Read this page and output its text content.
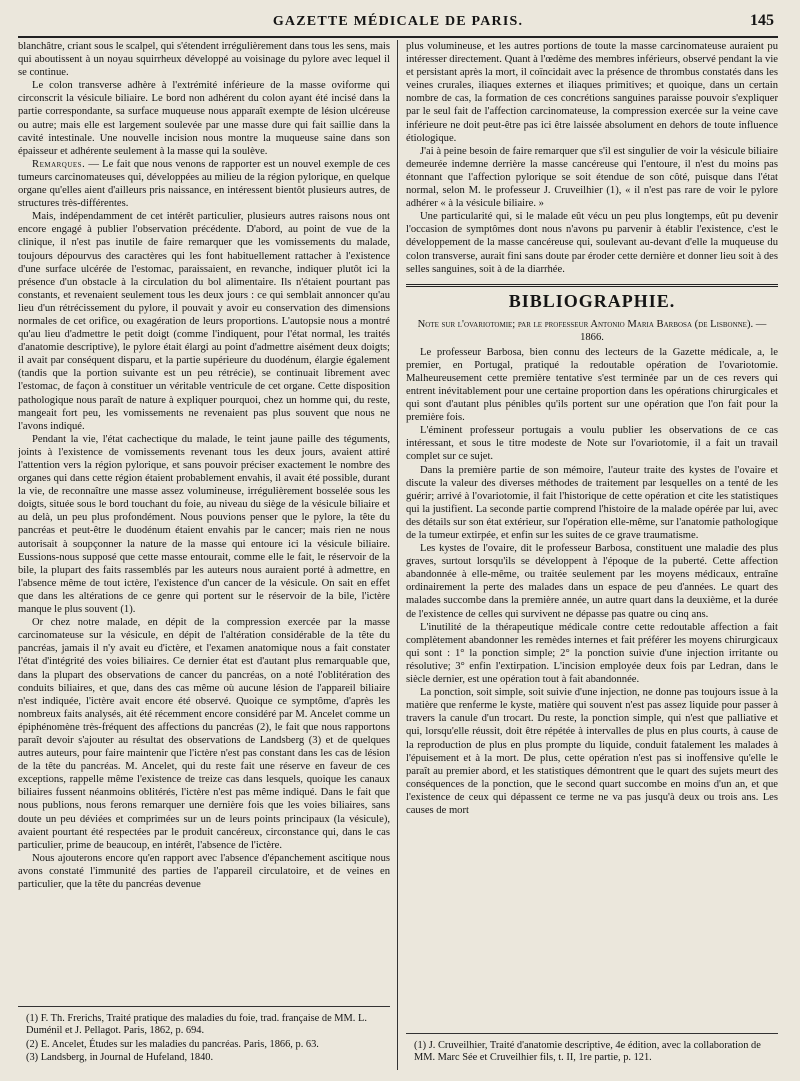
GAZETTE MÉDICALE DE PARIS.	145

blanchâtre, criant sous le scalpel, qui s'étendent irrégulièrement dans tous les sens, mais qui aboutissent à un noyau squirrheux développé au voisinage du pylore avec lequel il se continue.

Le colon transverse adhère à l'extrémité inférieure de la masse oviforme qui circonscrit la vésicule biliaire. Le bord non adhérent du colon ayant été incisé dans la partie correspondante, sa surface muqueuse nous apparaît exempte de lésion ulcéreuse ou autre; mais elle est largement soulevée par une masse dure qui fait saillie dans la cavité intestinale. Une nouvelle incision nous montre la muqueuse saine dans son épaisseur et adhérente seulement à la masse qui la soulève.

Remarques. — Le fait que nous venons de rapporter est un nouvel exemple de ces tumeurs carcinomateuses qui, développées au milieu de la région pylorique, en quelque organe qu'elles aient d'ailleurs pris naissance, en intéressent bientôt plusieurs autres, de structures très-différentes.

Mais, indépendamment de cet intérêt particulier, plusieurs autres raisons nous ont encore engagé à publier l'observation précédente. D'abord, au point de vue de la clinique, il n'est pas inutile de faire remarquer que les vomissements du malade, toujours dépourvus des caractères qui les font habituellement rattacher à l'existence d'une surface ulcérée de l'estomac, paraissaient, en revanche, indiquer plutôt ici la présence d'un obstacle à la circulation du bol alimentaire. Ils n'étaient pourtant pas constants, et revenaient seulement tous les deux jours : ce qui semblait annoncer qu'au lieu d'un rétrécissement du pylore, il pouvait y avoir eu conservation des dimensions normales de cet orifice, ou exagération de leurs proportions. L'autopsie nous a montré qu'au lieu d'admettre le petit doigt (comme l'indiquent, pour l'état normal, les traités d'anatomie descriptive), le pylore était élargi au point d'admettre aisément deux doigts; il avait par conséquent disparu, et la partie supérieure du duodénum, élargie également (tandis que la portion suivante est un peu rétrécie), se continuait librement avec l'estomac, de façon à constituer un véritable ventricule de cet organe. Cette disposition pathologique nous paraît de nature à expliquer pourquoi, chez un homme qui, du reste, mangeait fort peu, les vomissements ne revenaient pas plus souvent que nous ne l'avons indiqué.

Pendant la vie, l'état cachectique du malade, le teint jaune paille des téguments, joints à l'existence de vomissements revenant tous les deux jours, avaient attiré l'attention vers la région pylorique, et sans pouvoir préciser exactement le nombre des organes qui dans cette région étaient probablement envahis, il avait été possible, durant la vie, de reconnaître une masse assez volumineuse, irrégulièrement bosselée sous les doigts, située sous le bord touchant du foie, au niveau du siège de la vésicule biliaire et au delà, un peu plus profondément. Nous pouvions penser que le pylore, la tête du pancréas et peut-être le duodénum étaient envahis par le cancer; mais rien ne nous autorisait à soupçonner la nature de la masse qui entoure ici la vésicule biliaire. Eussions-nous supposé que cette masse entourait, comme elle le fait, le réservoir de la bile, la plupart des faits rassemblés par les auteurs nous auraient porté à admettre, en l'absence même de tout ictère, l'existence d'un cancer de la vésicule. On sait en effet que dans les altérations de ce genre qui portent sur le réservoir de la bile, l'ictère manque le plus souvent (1).

Or chez notre malade, en dépit de la compression exercée par la masse carcinomateuse sur la vésicule, en dépit de l'altération considérable de la tête du pancréas, jamais il n'y avait eu d'ictère, et l'examen anatomique nous a fait constater l'état d'intégrité des voies biliaires. Ce dernier état est d'autant plus remarquable que, dans la plupart des observations de cancer du pancréas, on a noté l'oblitération des conduits biliaires, et que, dans des cas même où aucune lésion de l'appareil biliaire n'est indiquée, l'ictère avait encore été observé. Quoique ce symptôme, d'après les nombreux faits analysés, ait été récemment encore considéré par M. Ancelet comme un épiphénomène très-fréquent des affections du pancréas (2), le fait que nous rapportons paraît devoir s'ajouter au résultat des observations de Landsberg (3) et de quelques autres auteurs, pour faire maintenir que l'ictère n'est pas constant dans les cas de lésion de la tête du pancréas. M. Ancelet, qui du reste fait une réserve en faveur de ces exceptions, rappelle même l'existence de treize cas dans lesquels, quoique les canaux biliaires fussent néanmoins oblitérés, l'ictère n'est pas même indiqué. Dans le fait que nous publions, nous ferons remarquer une dernière fois que les voies biliaires, sans doute un peu déviées et comprimées sur un de leurs points principaux (la vésicule), avaient pourtant été respectées par le produit cancéreux, circonstance qui, dans le cas particulier, prime de beaucoup, en intérêt, l'absence de l'ictère.

Nous ajouterons encore qu'en rapport avec l'absence d'épanchement ascitique nous avons constaté l'immunité des parties de l'appareil circulatoire, et de veines en particulier, que la tête du pancréas devenue

(1) F. Th. Frerichs, Traité pratique des maladies du foie, trad. française de MM. L. Duménil et J. Pellagot. Paris, 1862, p. 694.

(2) E. Ancelet, Études sur les maladies du pancréas. Paris, 1866, p. 63.

(3) Landsberg, in Journal de Hufeland, 1840.

plus volumineuse, et les autres portions de toute la masse carcinomateuse auraient pu intéresser directement. Quant à l'œdème des membres inférieurs, observé pendant la vie et persistant après la mort, il coïncidait avec la présence de thrombus constatés dans les veines crurales, iliaques externes et iliaques primitives; et quoique, dans un certain nombre de cas, la formation de ces concrétions sanguines paraisse pouvoir s'expliquer par le seul fait de l'affection carcinomateuse, la compression exercée sur la veine cave inférieure ne doit peut-être pas ici être laissée absolument en dehors de toute influence étiologique.

J'ai à peine besoin de faire remarquer que s'il est singulier de voir la vésicule biliaire demeurée indemne derrière la masse cancéreuse qui l'entoure, il n'est du moins pas étonnant que l'affection pylorique se soit étendue de son côté, puisque dans l'état normal, selon M. le professeur J. Cruveilhier (1), « il n'est pas rare de voir le pylore adhérer « à la vésicule biliaire. »

Une particularité qui, si le malade eût vécu un peu plus longtemps, eût pu devenir l'occasion de symptômes dont nous n'avons pu parvenir à établir l'existence, c'est le développement de la masse cancéreuse qui, soulevant au-devant d'elle la muqueuse du colon transverse, aurait fini sans doute par éroder cette dernière et donner lieu soit à des selles sanguines, soit à de la diarrhée.

BIBLIOGRAPHIE.
Note sur l'ovariotomie; par le professeur Antonio Maria Barbosa (de Lisbonne). — 1866.

Le professeur Barbosa, bien connu des lecteurs de la Gazette médicale, a, le premier, en Portugal, pratiqué la redoutable opération de l'ovariotomie. Malheureusement cette première tentative s'est terminée par un de ces revers qui entrent inévitablement pour une certaine proportion dans les opérations chirurgicales et qui sont d'autant plus pénibles qu'ils portent sur une opération que l'on fait pour la première fois.

L'éminent professeur portugais a voulu publier les observations de ce cas intéressant, et sous le titre modeste de Note sur l'ovariotomie, il a fait un travail complet sur ce sujet.

Dans la première partie de son mémoire, l'auteur traite des kystes de l'ovaire et discute la valeur des diverses méthodes de traitement par lesquelles on a tenté de les guérir; arrivé à l'ovariotomie, il fait l'historique de cette opération et cite les statistiques qui la justifient. La seconde partie comprend l'histoire de la malade opérée par lui, avec des détails sur son état extérieur, sur l'opération elle-même, sur l'anatomie pathologique de la tumeur extirpée, et enfin sur les suites de ce grave traumatisme.

Les kystes de l'ovaire, dit le professeur Barbosa, constituent une maladie des plus graves, surtout lorsqu'ils se développent à l'époque de la puberté. Cette affection abandonnée à elle-même, ou traitée seulement par les moyens médicaux, entraîne ordinairement la perte des malades dans un espace de peu d'années. Le quart des malades succombe dans la première année, un autre quart dans la deuxième, et la durée de l'existence de celles qui survivent ne dépasse pas quatre ou cinq ans.

L'inutilité de la thérapeutique médicale contre cette redoutable affection a fait complètement abandonner les remèdes internes et fait préférer les moyens chirurgicaux qui sont : 1° la ponction simple; 2° la ponction suivie d'une injection irritante ou résolutive; 3° enfin l'extirpation. L'incision employée deux fois par Ledran, dans le siècle dernier, est une opération tout à fait abandonnée.

La ponction, soit simple, soit suivie d'une injection, ne donne pas toujours issue à la matière que renferme le kyste, matière qui souvent n'est pas assez liquide pour passer à travers la canule d'un trocart. Du reste, la ponction simple, qui n'est que palliative et qui, lorsqu'elle réussit, doit être répétée à intervalles de plus en plus courts, à cause de la reproduction de plus en plus prompte du liquide, conduit fatalement les malades à l'épuisement et à la mort. De plus, cette opération n'est pas si inoffensive qu'elle le paraît au premier abord, et les statistiques démontrent que le quart des sujets meurt des conséquences de la ponction, que le second quart succombe en moins d'un an, et que l'existence de ceux qui dépassent ce terme ne va pas jusqu'à deux ou trois ans. Les causes de mort

(1) J. Cruveilhier, Traité d'anatomie descriptive, 4e édition, avec la collaboration de MM. Marc Sée et Cruveilhier fils, t. II, 1re partie, p. 121.
